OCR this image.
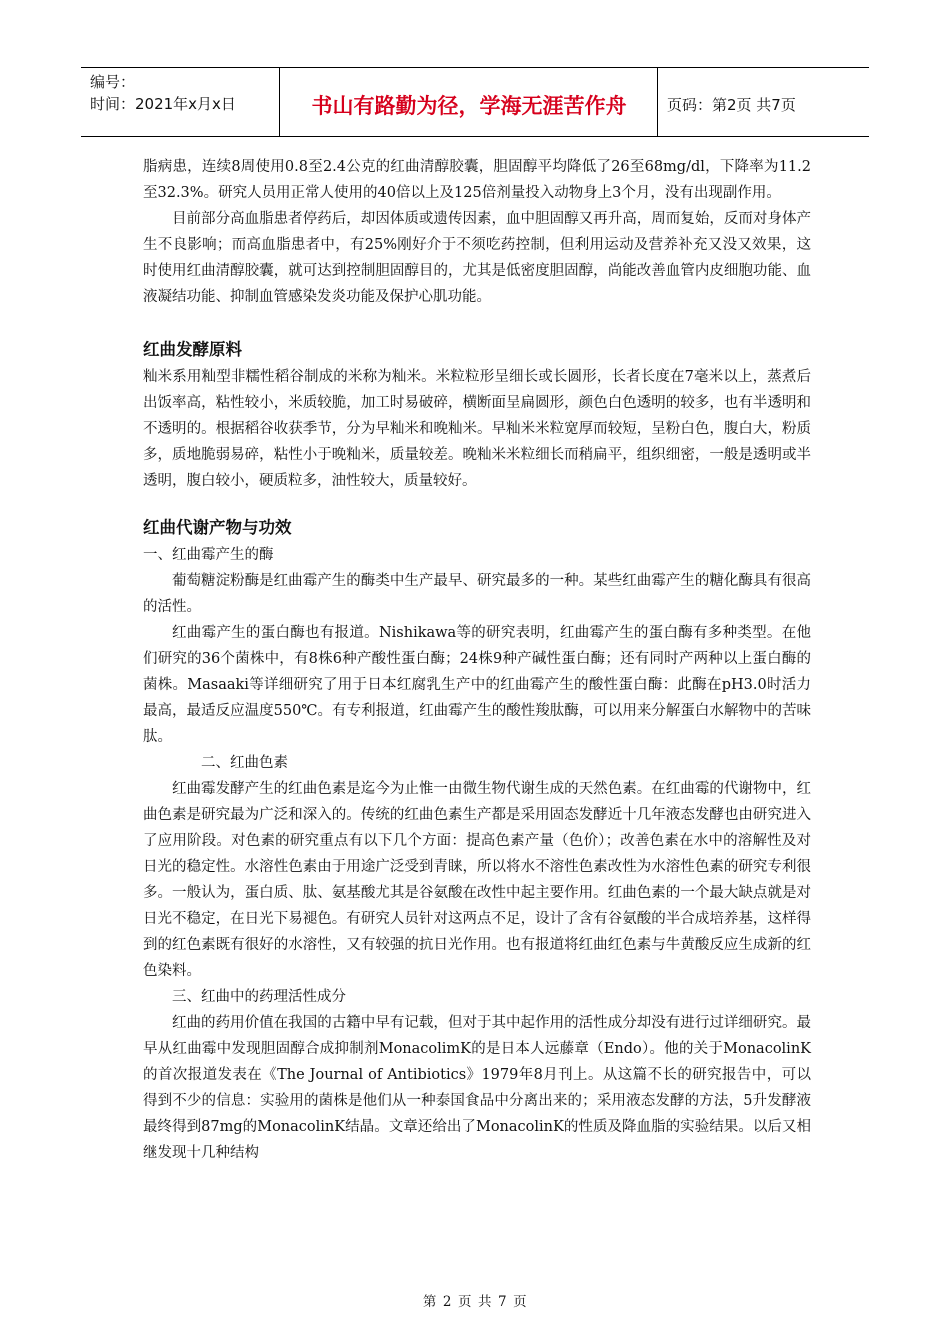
编号：
时间：2021年x月x日	书山有路勤为径，学海无涯苦作舟	页码：第2页 共7页

脂病患，连续8周使用0.8至2.4公克的红曲清醇胶囊，胆固醇平均降低了26至68mg/dl，下降率为11.2至32.3%。研究人员用正常人使用的40倍以上及125倍剂量投入动物身上3个月，没有出现副作用。

目前部分高血脂患者停药后，却因体质或遗传因素，血中胆固醇又再升高，周而复始，反而对身体产生不良影响；而高血脂患者中，有25%刚好介于不须吃药控制，但利用运动及营养补充又没又效果，这时使用红曲清醇胶囊，就可达到控制胆固醇目的，尤其是低密度胆固醇，尚能改善血管内皮细胞功能、血液凝结功能、抑制血管感染发炎功能及保护心肌功能。

红曲发酵原料

籼米系用籼型非糯性稻谷制成的米称为籼米。米粒粒形呈细长或长圆形，长者长度在7毫米以上，蒸煮后出饭率高，粘性较小，米质较脆，加工时易破碎，横断面呈扁圆形，颜色白色透明的较多，也有半透明和不透明的。根据稻谷收获季节，分为早籼米和晚籼米。早籼米米粒宽厚而较短，呈粉白色，腹白大，粉质多，质地脆弱易碎，粘性小于晚籼米，质量较差。晚籼米米粒细长而稍扁平，组织细密，一般是透明或半透明，腹白较小，硬质粒多，油性较大，质量较好。

红曲代谢产物与功效

一、红曲霉产生的酶

葡萄糖淀粉酶是红曲霉产生的酶类中生产最早、研究最多的一种。某些红曲霉产生的糖化酶具有很高的活性。

红曲霉产生的蛋白酶也有报道。Nishikawa等的研究表明，红曲霉产生的蛋白酶有多种类型。在他们研究的36个菌株中，有8株6种产酸性蛋白酶；24株9种产碱性蛋白酶；还有同时产两种以上蛋白酶的菌株。Masaaki等详细研究了用于日本红腐乳生产中的红曲霉产生的酸性蛋白酶：此酶在pH3.0时活力最高，最适反应温度550℃。有专利报道，红曲霉产生的酸性羧肽酶，可以用来分解蛋白水解物中的苦味肽。

二、红曲色素

红曲霉发酵产生的红曲色素是迄今为止惟一由微生物代谢生成的天然色素。在红曲霉的代谢物中，红曲色素是研究最为广泛和深入的。传统的红曲色素生产都是采用固态发酵近十几年液态发酵也由研究进入了应用阶段。对色素的研究重点有以下几个方面：提高色素产量（色价）；改善色素在水中的溶解性及对日光的稳定性。水溶性色素由于用途广泛受到青睐，所以将水不溶性色素改性为水溶性色素的研究专利很多。一般认为，蛋白质、肽、氨基酸尤其是谷氨酸在改性中起主要作用。红曲色素的一个最大缺点就是对日光不稳定，在日光下易褪色。有研究人员针对这两点不足，设计了含有谷氨酸的半合成培养基，这样得到的红色素既有很好的水溶性，又有较强的抗日光作用。也有报道将红曲红色素与牛黄酸反应生成新的红色染料。

三、红曲中的药理活性成分

红曲的药用价值在我国的古籍中早有记载，但对于其中起作用的活性成分却没有进行过详细研究。最早从红曲霉中发现胆固醇合成抑制剂MonacolimK的是日本人远藤章（Endo）。他的关于MonacolinK的首次报道发表在《The Journal of Antibiotics》1979年8月刊上。从这篇不长的研究报告中，可以得到不少的信息：实验用的菌株是他们从一种泰国食品中分离出来的；采用液态发酵的方法，5升发酵液最终得到87mg的MonacolinK结晶。文章还给出了MonacolinK的性质及降血脂的实验结果。以后又相继发现十几种结构

第 2 页 共 7 页
